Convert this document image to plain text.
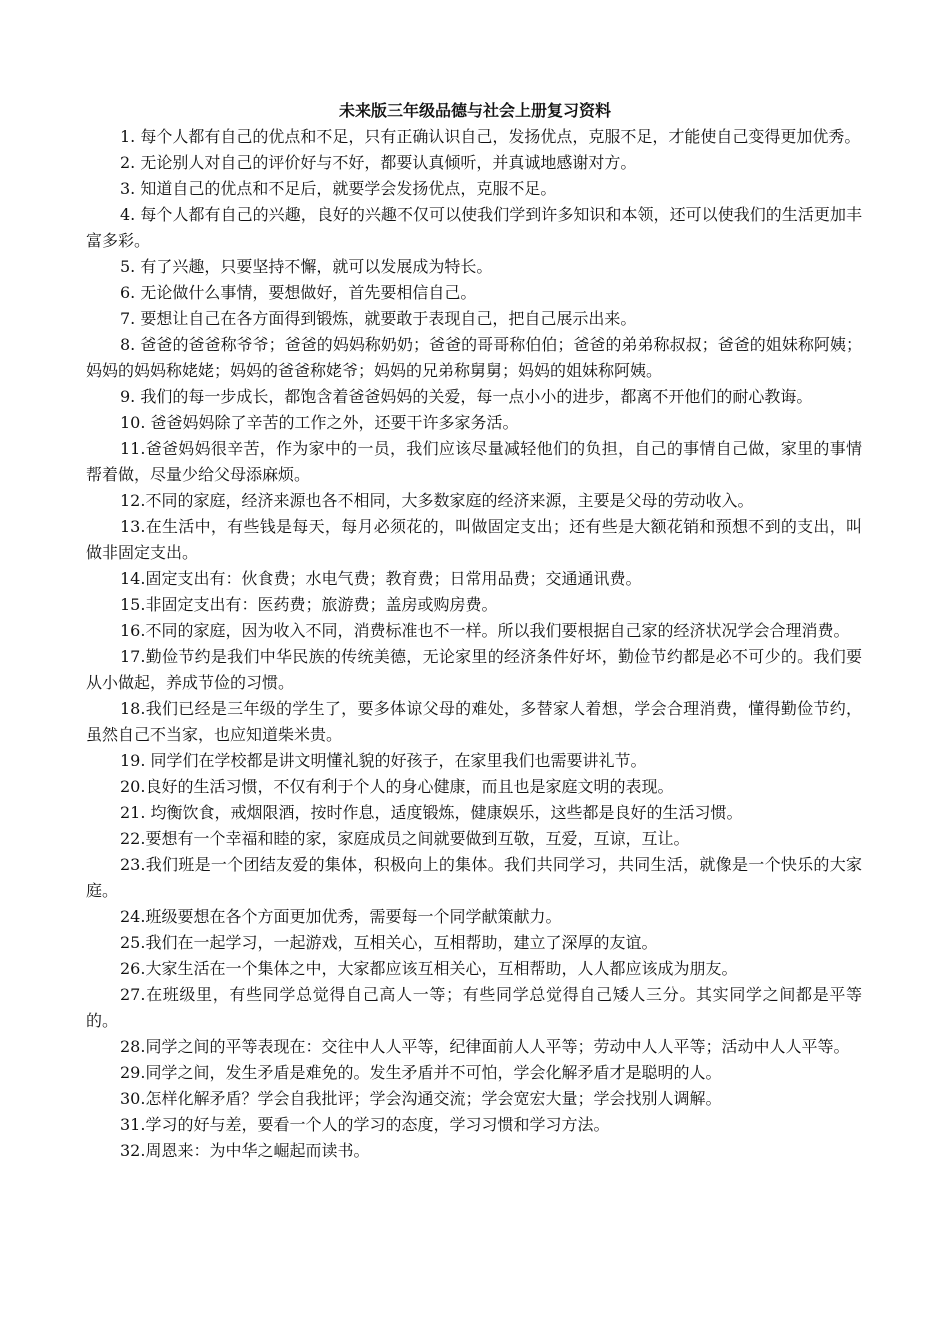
未来版三年级品德与社会上册复习资料

1. 每个人都有自己的优点和不足，只有正确认识自己，发扬优点，克服不足，才能使自己变得更加优秀。

2. 无论别人对自己的评价好与不好，都要认真倾听，并真诚地感谢对方。

3. 知道自己的优点和不足后，就要学会发扬优点，克服不足。

4. 每个人都有自己的兴趣，良好的兴趣不仅可以使我们学到许多知识和本领，还可以使我们的生活更加丰富多彩。

5. 有了兴趣，只要坚持不懈，就可以发展成为特长。

6. 无论做什么事情，要想做好，首先要相信自己。

7. 要想让自己在各方面得到锻炼，就要敢于表现自己，把自己展示出来。

8. 爸爸的爸爸称爷爷；爸爸的妈妈称奶奶；爸爸的哥哥称伯伯；爸爸的弟弟称叔叔；爸爸的姐妹称阿姨；妈妈的妈妈称姥姥；妈妈的爸爸称姥爷；妈妈的兄弟称舅舅；妈妈的姐妹称阿姨。

9. 我们的每一步成长，都饱含着爸爸妈妈的关爱，每一点小小的进步，都离不开他们的耐心教诲。

10. 爸爸妈妈除了辛苦的工作之外，还要干许多家务活。

11.爸爸妈妈很辛苦，作为家中的一员，我们应该尽量减轻他们的负担，自己的事情自己做，家里的事情帮着做，尽量少给父母添麻烦。

12.不同的家庭，经济来源也各不相同，大多数家庭的经济来源，主要是父母的劳动收入。

13.在生活中，有些钱是每天，每月必须花的，叫做固定支出；还有些是大额花销和预想不到的支出，叫做非固定支出。

14.固定支出有：伙食费；水电气费；教育费；日常用品费；交通通讯费。

15.非固定支出有：医药费；旅游费；盖房或购房费。

16.不同的家庭，因为收入不同，消费标准也不一样。所以我们要根据自己家的经济状况学会合理消费。

17.勤俭节约是我们中华民族的传统美德，无论家里的经济条件好坏，勤俭节约都是必不可少的。我们要从小做起，养成节俭的习惯。

18.我们已经是三年级的学生了，要多体谅父母的难处，多替家人着想，学会合理消费，懂得勤俭节约，虽然自己不当家，也应知道柴米贵。

19. 同学们在学校都是讲文明懂礼貌的好孩子，在家里我们也需要讲礼节。

20.良好的生活习惯，不仅有利于个人的身心健康，而且也是家庭文明的表现。

21. 均衡饮食，戒烟限酒，按时作息，适度锻炼，健康娱乐，这些都是良好的生活习惯。

22.要想有一个幸福和睦的家，家庭成员之间就要做到互敬，互爱，互谅，互让。

23.我们班是一个团结友爱的集体，积极向上的集体。我们共同学习，共同生活，就像是一个快乐的大家庭。

24.班级要想在各个方面更加优秀，需要每一个同学献策献力。

25.我们在一起学习，一起游戏，互相关心，互相帮助，建立了深厚的友谊。

26.大家生活在一个集体之中，大家都应该互相关心，互相帮助，人人都应该成为朋友。

27.在班级里，有些同学总觉得自己高人一等；有些同学总觉得自己矮人三分。其实同学之间都是平等的。

28.同学之间的平等表现在：交往中人人平等，纪律面前人人平等；劳动中人人平等；活动中人人平等。

29.同学之间，发生矛盾是难免的。发生矛盾并不可怕，学会化解矛盾才是聪明的人。

30.怎样化解矛盾？学会自我批评；学会沟通交流；学会宽宏大量；学会找别人调解。

31.学习的好与差，要看一个人的学习的态度，学习习惯和学习方法。

32.周恩来：为中华之崛起而读书。
